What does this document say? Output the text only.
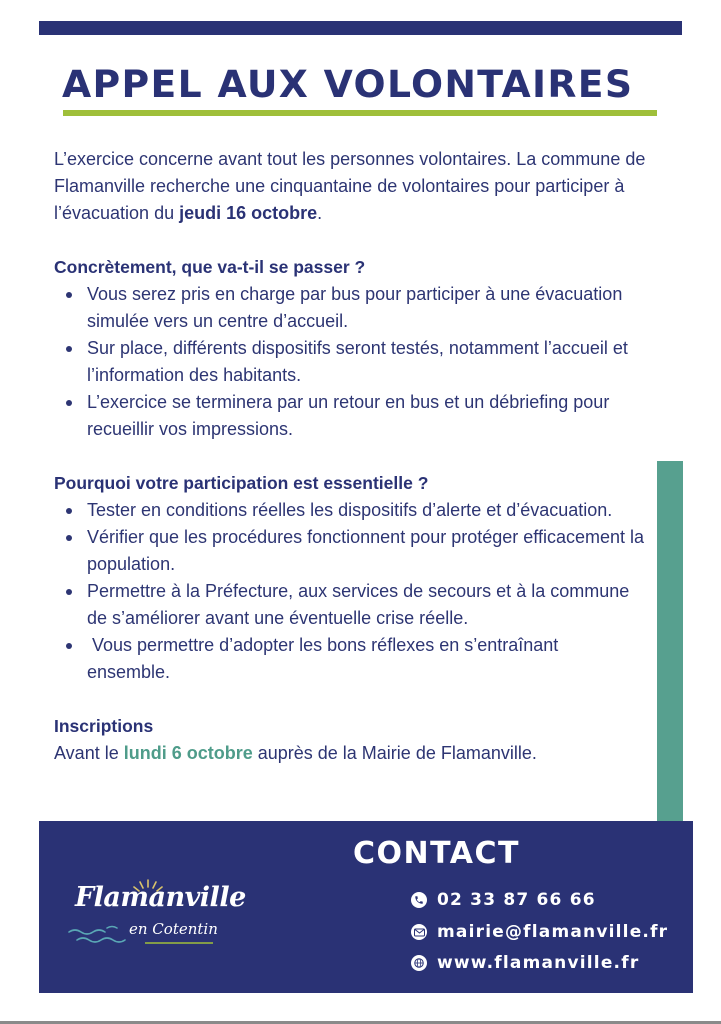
APPEL AUX VOLONTAIRES

L’exercice concerne avant tout les personnes volontaires. La commune de Flamanville recherche une cinquantaine de volontaires pour participer à l’évacuation du jeudi 16 octobre.

Concrètement, que va-t-il se passer ?

Vous serez pris en charge par bus pour participer à une évacuation simulée vers un centre d’accueil.
Sur place, différents dispositifs seront testés, notamment l’accueil et l’information des habitants.
L’exercice se terminera par un retour en bus et un débriefing pour recueillir vos impressions.

Pourquoi votre participation est essentielle ?

Tester en conditions réelles les dispositifs d’alerte et d’évacuation.
Vérifier que les procédures fonctionnent pour protéger efficacement la population.
Permettre à la Préfecture, aux services de secours et à la commune de s’améliorer avant une éventuelle crise réelle.
Vous permettre d’adopter les bons réflexes en s’entraînant ensemble.

Inscriptions

Avant le lundi 6 octobre auprès de la Mairie de Flamanville.

Flamanville

en Cotentin
CONTACT
02 33 87 66 66
mairie@flamanville.fr
www.flamanville.fr
